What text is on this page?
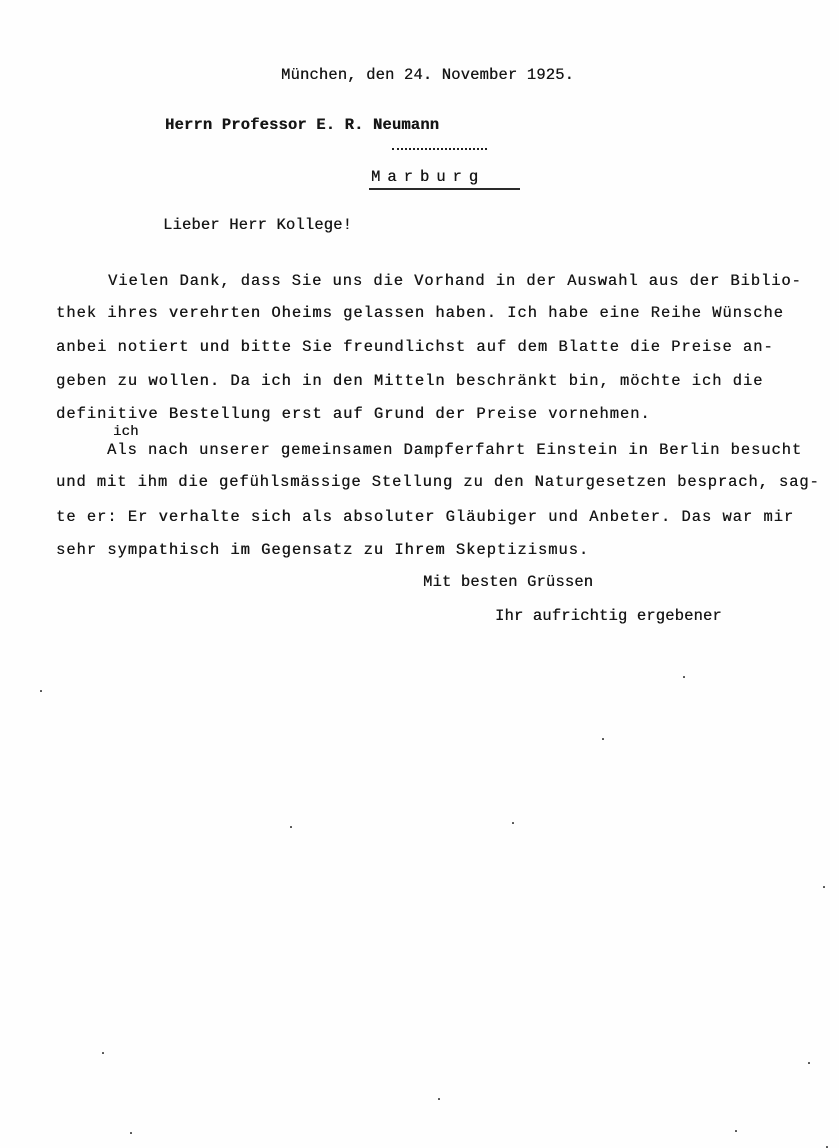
München, den 24. November 1925.
Herrn Professor E. R. Neumann
Marburg
Lieber Herr Kollege!
Vielen Dank, dass Sie uns die Vorhand in der Auswahl aus der Biblio-
thek ihres verehrten Oheims gelassen haben. Ich habe eine Reihe Wünsche
anbei notiert und bitte Sie freundlichst auf dem Blatte die Preise an-
geben zu wollen. Da ich in den Mitteln beschränkt bin, möchte ich die
definitive Bestellung erst auf Grund der Preise vornehmen.
ich
Als nach unserer gemeinsamen Dampferfahrt Einstein in Berlin besucht
und mit ihm die gefühlsmässige Stellung zu den Naturgesetzen besprach, sag-
te er: Er verhalte sich als absoluter Gläubiger und Anbeter. Das war mir
sehr sympathisch im Gegensatz zu Ihrem Skeptizismus.
Mit besten Grüssen
Ihr aufrichtig ergebener
